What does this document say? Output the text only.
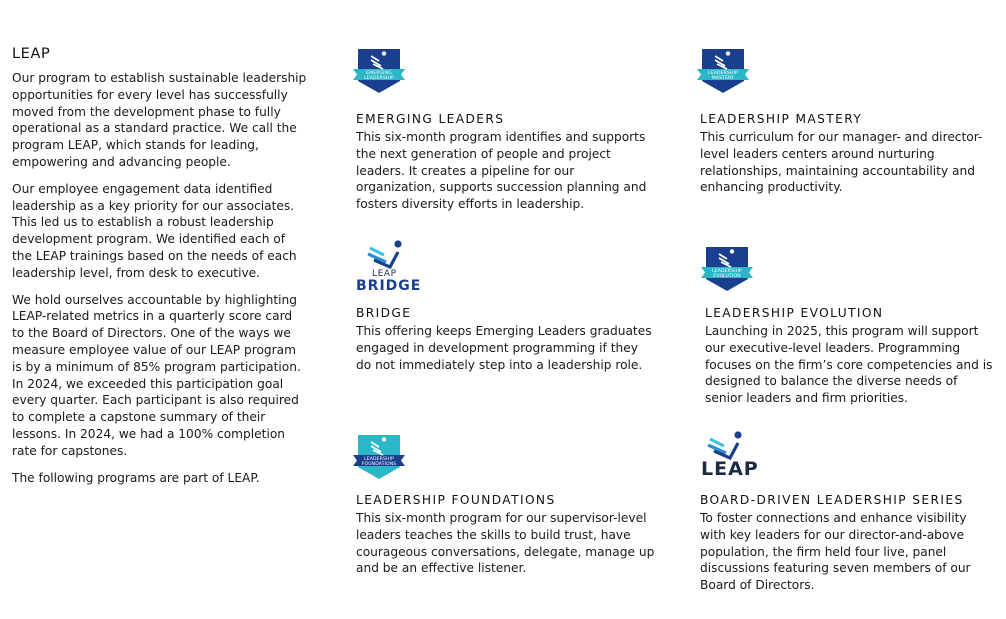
LEAP

Our program to establish sustainable leadership opportunities for every level has successfully moved from the development phase to fully operational as a standard practice. We call the program LEAP, which stands for leading, empowering and advancing people.

Our employee engagement data identified leadership as a key priority for our associates. This led us to establish a robust leadership development program. We identified each of the LEAP trainings based on the needs of each leadership level, from desk to executive.

We hold ourselves accountable by highlighting LEAP-related metrics in a quarterly score card to the Board of Directors. One of the ways we measure employee value of our LEAP program is by a minimum of 85% program participation. In 2024, we exceeded this participation goal every quarter. Each participant is also required to complete a capstone summary of their lessons. In 2024, we had a 100% completion rate for capstones.

The following programs are part of LEAP.

EMERGING
LEADERSHIP
EMERGING LEADERS

This six-month program identifies and supports the next generation of people and project leaders. It creates a pipeline for our organization, supports succession planning and fosters diversity efforts in leadership.

LEADERSHIP
MASTERY
LEADERSHIP MASTERY

This curriculum for our manager- and director-level leaders centers around nurturing relationships, maintaining accountability and enhancing productivity.

LEAP
BRIDGE
BRIDGE

This offering keeps Emerging Leaders graduates engaged in development programming if they do not immediately step into a leadership role.

LEADERSHIP
EVOLUTION
LEADERSHIP EVOLUTION

Launching in 2025, this program will support our executive-level leaders. Programming focuses on the firm’s core competencies and is designed to balance the diverse needs of senior leaders and firm priorities.

LEADERSHIP
FOUNDATIONS
LEADERSHIP FOUNDATIONS

This six-month program for our supervisor-level leaders teaches the skills to build trust, have courageous conversations, delegate, manage up and be an effective listener.

LEAP
BOARD-DRIVEN LEADERSHIP SERIES

To foster connections and enhance visibility with key leaders for our director-and-above population, the firm held four live, panel discussions featuring seven members of our Board of Directors.
